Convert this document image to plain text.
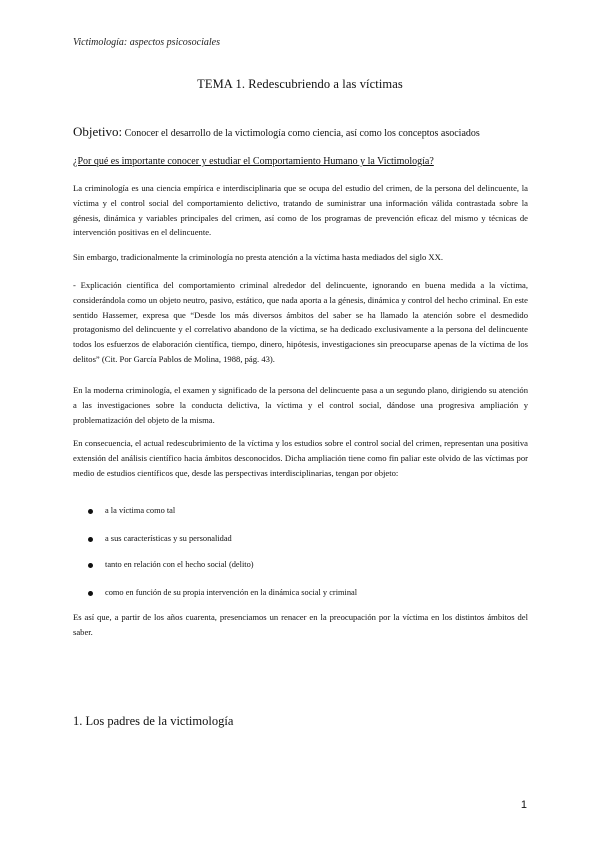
Victimología: aspectos psicosociales
TEMA 1. Redescubriendo a las víctimas
Objetivo: Conocer el desarrollo de la victimología como ciencia, así como los conceptos asociados
¿Por qué es importante conocer y estudiar el Comportamiento Humano y la Victimología?

La criminología es una ciencia empírica e interdisciplinaria que se ocupa del estudio del crimen, de la persona del delincuente, la víctima y el control social del comportamiento delictivo, tratando de suministrar una información válida contrastada sobre la génesis, dinámica y variables principales del crimen, así como de los programas de prevención eficaz del mismo y técnicas de intervención positivas en el delincuente.

Sin embargo, tradicionalmente la criminología no presta atención a la víctima hasta mediados del siglo XX.

- Explicación científica del comportamiento criminal alrededor del delincuente, ignorando en buena medida a la víctima, considerándola como un objeto neutro, pasivo, estático, que nada aporta a la génesis, dinámica y control del hecho criminal. En este sentido Hassemer, expresa que “Desde los más diversos ámbitos del saber se ha llamado la atención sobre el desmedido protagonismo del delincuente y el correlativo abandono de la víctima, se ha dedicado exclusivamente a la persona del delincuente todos los esfuerzos de elaboración científica, tiempo, dinero, hipótesis, investigaciones sin preocuparse apenas de la víctima de los delitos” (Cit. Por García Pablos de Molina, 1988, pág. 43).

En la moderna criminología, el examen y significado de la persona del delincuente pasa a un segundo plano, dirigiendo su atención a las investigaciones sobre la conducta delictiva, la víctima y el control social, dándose una progresiva ampliación y problematización del objeto de la misma.

En consecuencia, el actual redescubrimiento de la víctima y los estudios sobre el control social del crimen, representan una positiva extensión del análisis científico hacia ámbitos desconocidos. Dicha ampliación tiene como fin paliar este olvido de las víctimas por medio de estudios científicos que, desde las perspectivas interdisciplinarias, tengan por objeto:

a la víctima como tal
a sus características y su personalidad
tanto en relación con el hecho social (delito)
como en función de su propia intervención en la dinámica social y criminal

Es así que, a partir de los años cuarenta, presenciamos un renacer en la preocupación por la víctima en los distintos ámbitos del saber.

1. Los padres de la victimología
1
